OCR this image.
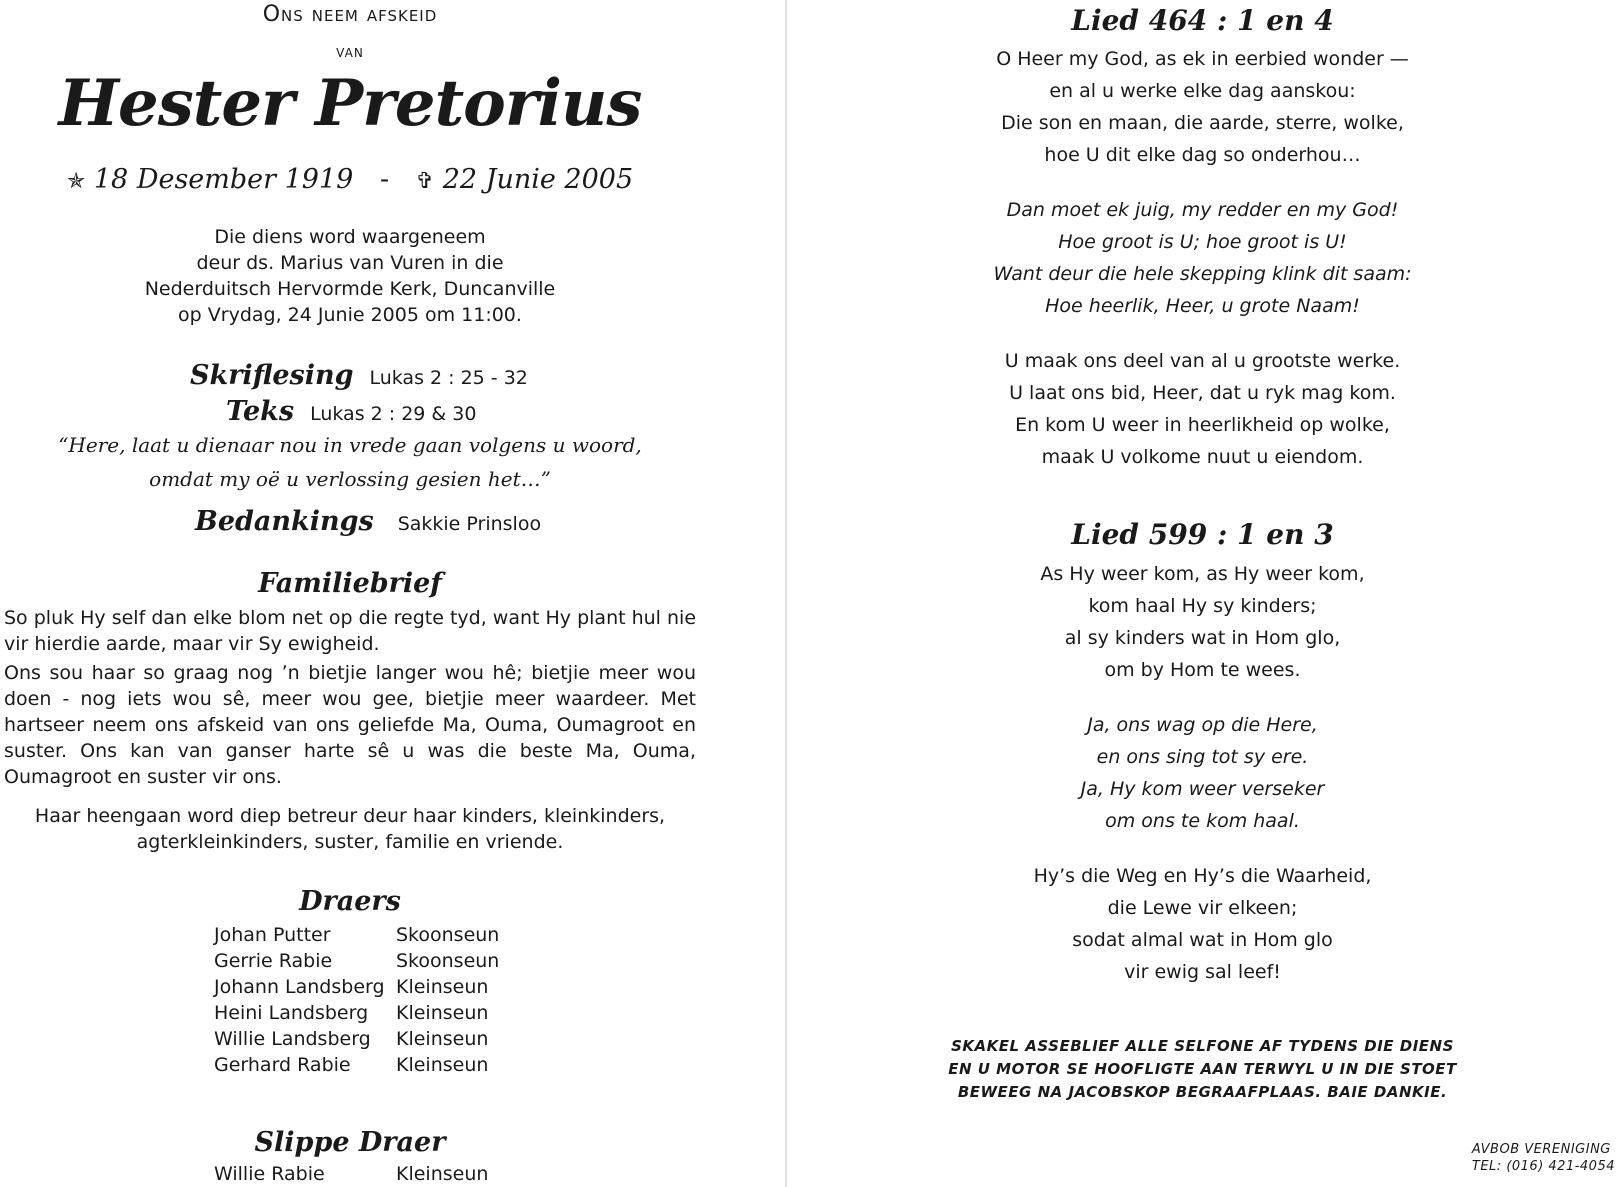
Ons neem afskeid
van
Hester Pretorius
✯ 18 Desember 1919 - ✞ 22 Junie 2005
Die diens word waargeneem
deur ds. Marius van Vuren in die
Nederduitsch Hervormde Kerk, Duncanville
op Vrydag, 24 Junie 2005 om 11:00.
Skriflesing Lukas 2 : 25 - 32
Teks Lukas 2 : 29 & 30
“Here, laat u dienaar nou in vrede gaan volgens u woord,
omdat my oë u verlossing gesien het…”
Bedankings Sakkie Prinsloo
Familiebrief
So pluk Hy self dan elke blom net op die regte tyd, want Hy plant hul nie vir hierdie aarde, maar vir Sy ewigheid.
Ons sou haar so graag nog ʼn bietjie langer wou hê; bietjie meer wou doen - nog iets wou sê, meer wou gee, bietjie meer waardeer. Met hartseer neem ons afskeid van ons geliefde Ma, Ouma, Oumagroot en suster. Ons kan van ganser harte sê u was die beste Ma, Ouma, Oumagroot en suster vir ons.
Haar heengaan word diep betreur deur haar kinders, kleinkinders,
agterkleinkinders, suster, familie en vriende.
Draers
Johan Putter	Skoonseun
Gerrie Rabie	Skoonseun
Johann Landsberg Kleinseun
Heini Landsberg Kleinseun
Willie Landsberg Kleinseun
Gerhard Rabie Kleinseun
Slippe Draer
Willie Rabie	Kleinseun
Lied 464 : 1 en 4
O Heer my God, as ek in eerbied wonder —
en al u werke elke dag aanskou:
Die son en maan, die aarde, sterre, wolke,
hoe U dit elke dag so onderhou…
Dan moet ek juig, my redder en my God!
Hoe groot is U; hoe groot is U!
Want deur die hele skepping klink dit saam:
Hoe heerlik, Heer, u grote Naam!
U maak ons deel van al u grootste werke.
U laat ons bid, Heer, dat u ryk mag kom.
En kom U weer in heerlikheid op wolke,
maak U volkome nuut u eiendom.
Lied 599 : 1 en 3
As Hy weer kom, as Hy weer kom,
kom haal Hy sy kinders;
al sy kinders wat in Hom glo,
om by Hom te wees.
Ja, ons wag op die Here,
en ons sing tot sy ere.
Ja, Hy kom weer verseker
om ons te kom haal.
Hy’s die Weg en Hy’s die Waarheid,
die Lewe vir elkeen;
sodat almal wat in Hom glo
vir ewig sal leef!
SKAKEL ASSEBLIEF ALLE SELFONE AF TYDENS DIE DIENS
EN U MOTOR SE HOOFLIGTE AAN TERWYL U IN DIE STOET
BEWEEG NA JACOBSKOP BEGRAAFPLAAS. BAIE DANKIE.
AVBOB VERENIGING
TEL: (016) 421-4054
